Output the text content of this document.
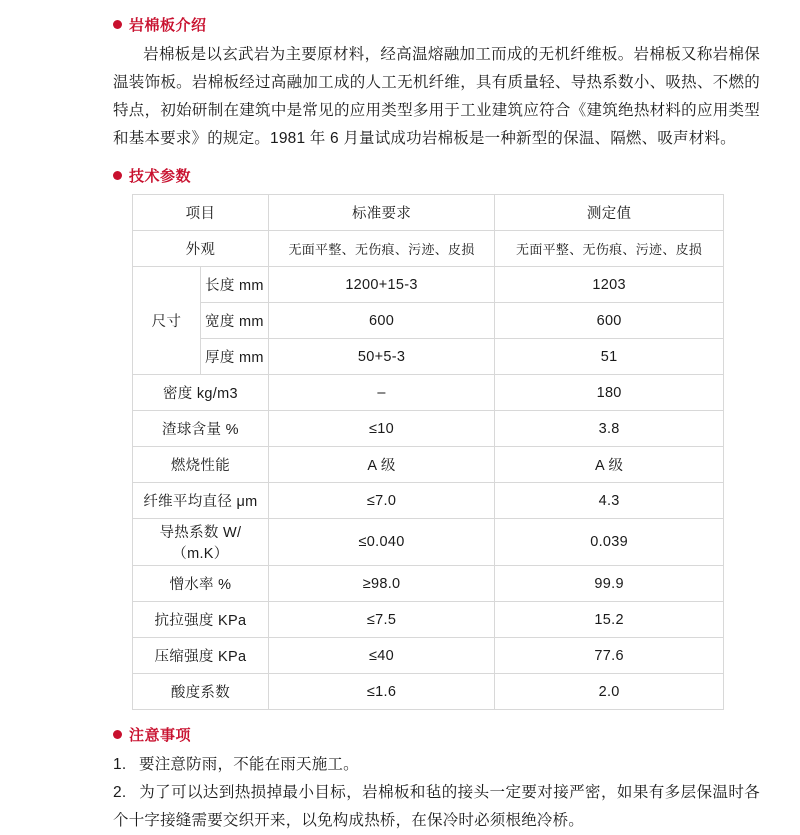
岩棉板介绍

岩棉板是以玄武岩为主要原材料，经高温熔融加工而成的无机纤维板。岩棉板又称岩棉保温装饰板。岩棉板经过高融加工成的人工无机纤维，具有质量轻、导热系数小、吸热、不燃的特点，初始研制在建筑中是常见的应用类型多用于工业建筑应符合《建筑绝热材料的应用类型和基本要求》的规定。1981 年 6 月量试成功岩棉板是一种新型的保温、隔燃、吸声材料。

技术参数
项目		标准要求	测定值
外观		无面平整、无伤痕、污迹、皮损	无面平整、无伤痕、污迹、皮损
尺寸	长度 mm	1200+15-3	1203
	宽度 mm	600	600
	厚度 mm	50+5-3	51
密度 kg/m3		–	180
渣球含量 %		≤10	3.8
燃烧性能		A 级	A 级
纤维平均直径 μm		≤7.0	4.3
导热系数 W/（m.K）		≤0.040	0.039
憎水率 %		≥98.0	99.9
抗拉强度 KPa		≤7.5	15.2
压缩强度 KPa		≤40	77.6
酸度系数		≤1.6	2.0
注意事项

1. 要注意防雨，不能在雨天施工。

2. 为了可以达到热损掉最小目标，岩棉板和毡的接头一定要对接严密，如果有多层保温时各个十字接缝需要交织开来，以免构成热桥，在保冷时必须根绝冷桥。
